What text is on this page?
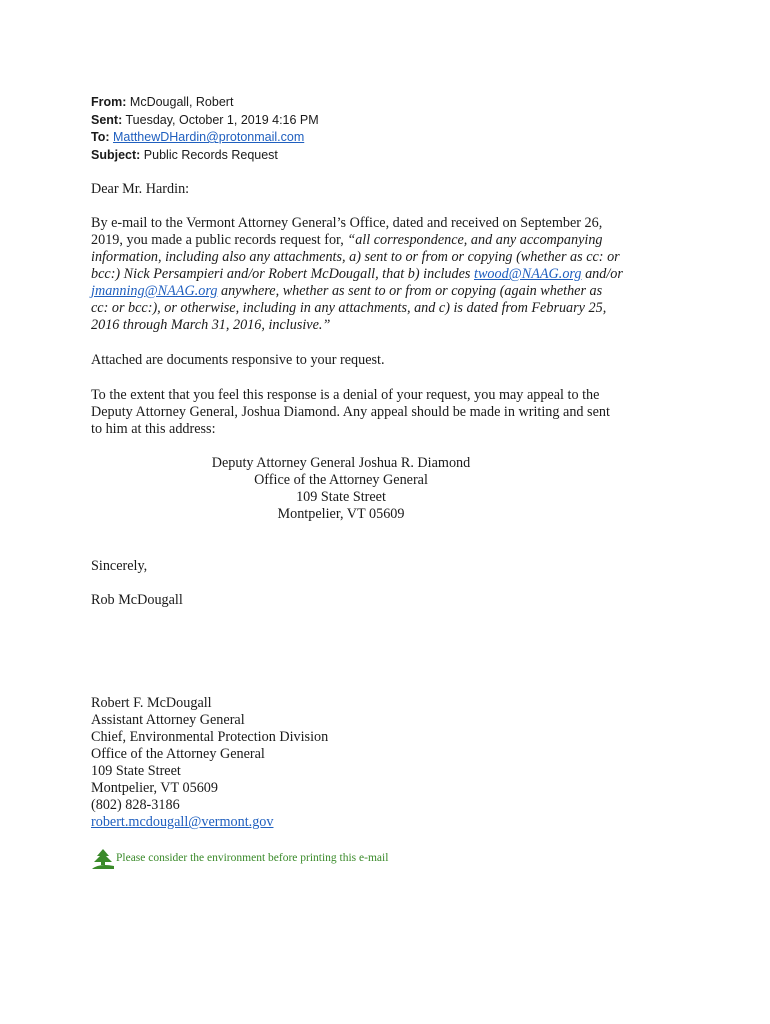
From: McDougall, Robert
Sent: Tuesday, October 1, 2019 4:16 PM
To: MatthewDHardin@protonmail.com
Subject: Public Records Request
Dear Mr. Hardin:
By e-mail to the Vermont Attorney General’s Office, dated and received on September 26,
2019, you made a public records request for, “all correspondence, and any accompanying
information, including also any attachments, a) sent to or from or copying (whether as cc: or
bcc:) Nick Persampieri and/or Robert McDougall, that b) includes twood@NAAG.org and/or
jmanning@NAAG.org anywhere, whether as sent to or from or copying (again whether as
cc: or bcc:), or otherwise, including in any attachments, and c) is dated from February 25,
2016 through March 31, 2016, inclusive.”
Attached are documents responsive to your request.
To the extent that you feel this response is a denial of your request, you may appeal to the
Deputy Attorney General, Joshua Diamond. Any appeal should be made in writing and sent
to him at this address:
Deputy Attorney General Joshua R. Diamond
Office of the Attorney General
109 State Street
Montpelier, VT 05609
Sincerely,
Rob McDougall
Robert F. McDougall
Assistant Attorney General
Chief, Environmental Protection Division
Office of the Attorney General
109 State Street
Montpelier, VT 05609
(802) 828-3186
robert.mcdougall@vermont.gov
Please consider the environment before printing this e-mail
